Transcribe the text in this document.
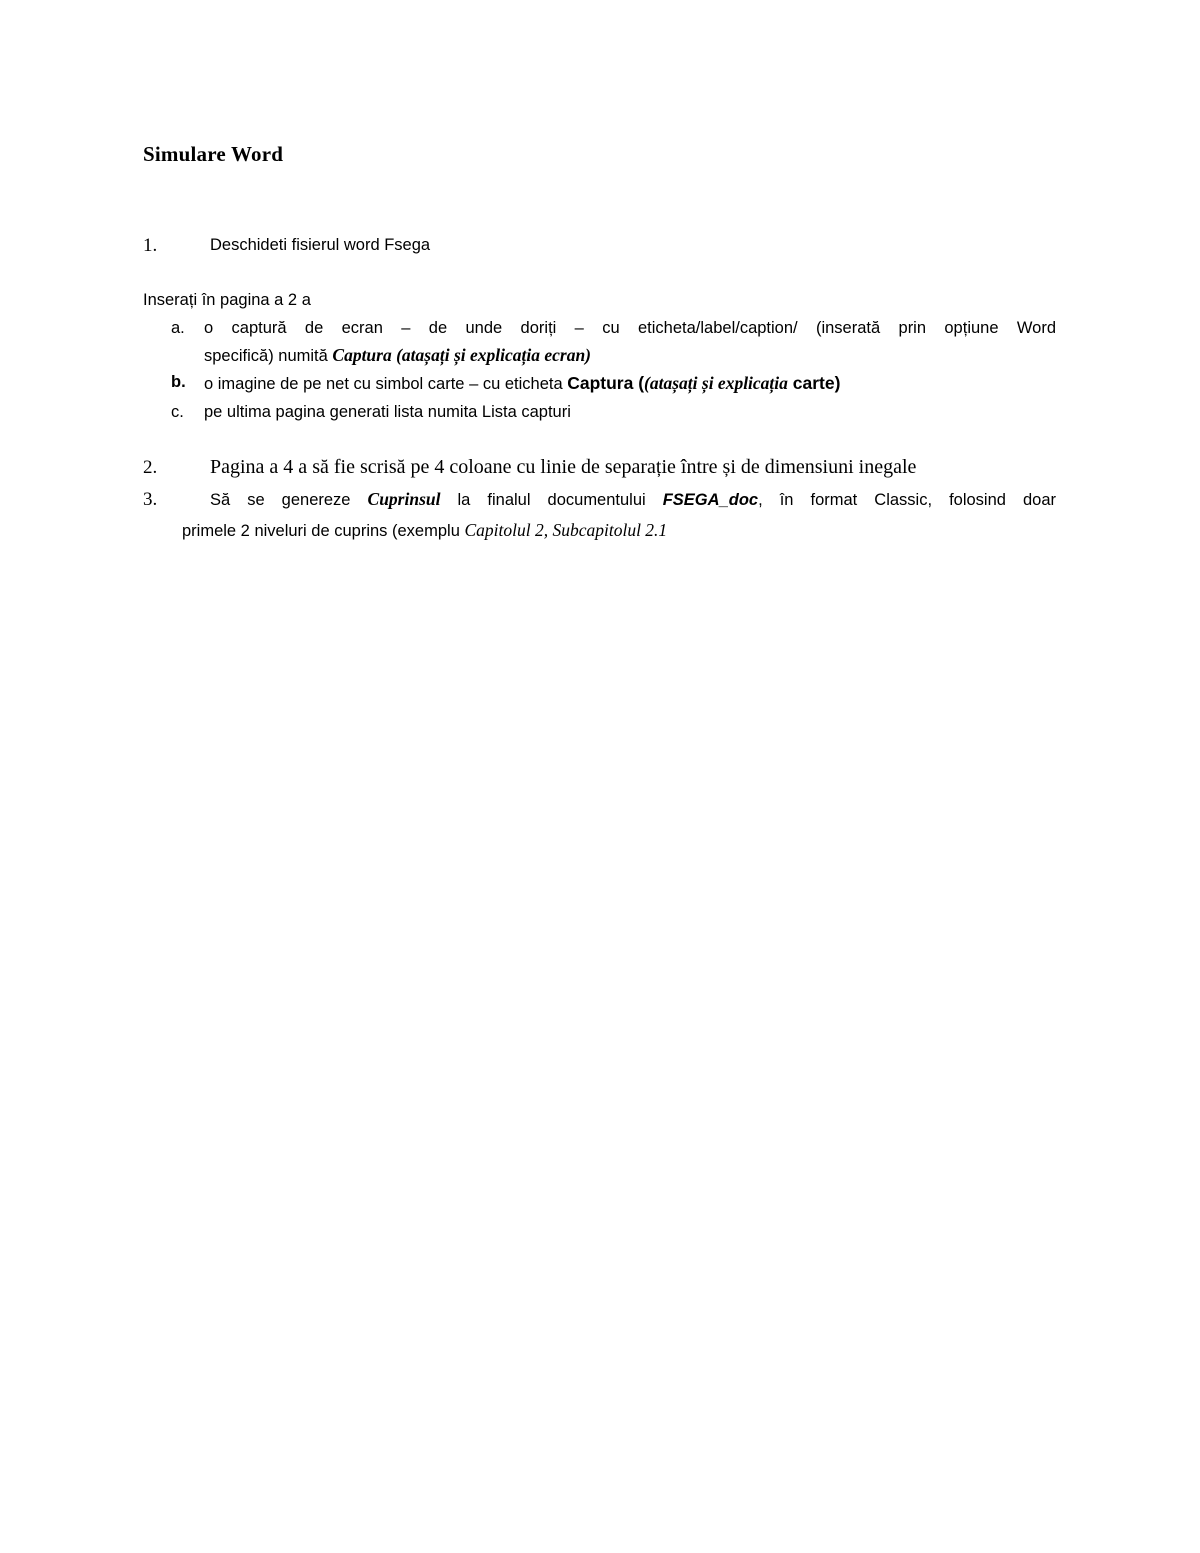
Simulare Word
1.	Deschideti fisierul word Fsega
Inserați în pagina a 2 a
a. o captură de ecran – de unde doriți – cu eticheta/label/caption/ (inserată prin opțiune Word
specifică) numită Captura (atașați și explicația ecran)
b. o imagine de pe net cu simbol carte – cu eticheta Captura ((atașați și explicația carte)
c. pe ultima pagina generati lista numita Lista capturi
2.	Pagina a 4 a să fie scrisă pe 4 coloane cu linie de separație între și de dimensiuni inegale
3.	Să se genereze Cuprinsul la finalul documentului FSEGA_doc, în format Classic, folosind doar
primele 2 niveluri de cuprins (exemplu Capitolul 2, Subcapitolul 2.1
